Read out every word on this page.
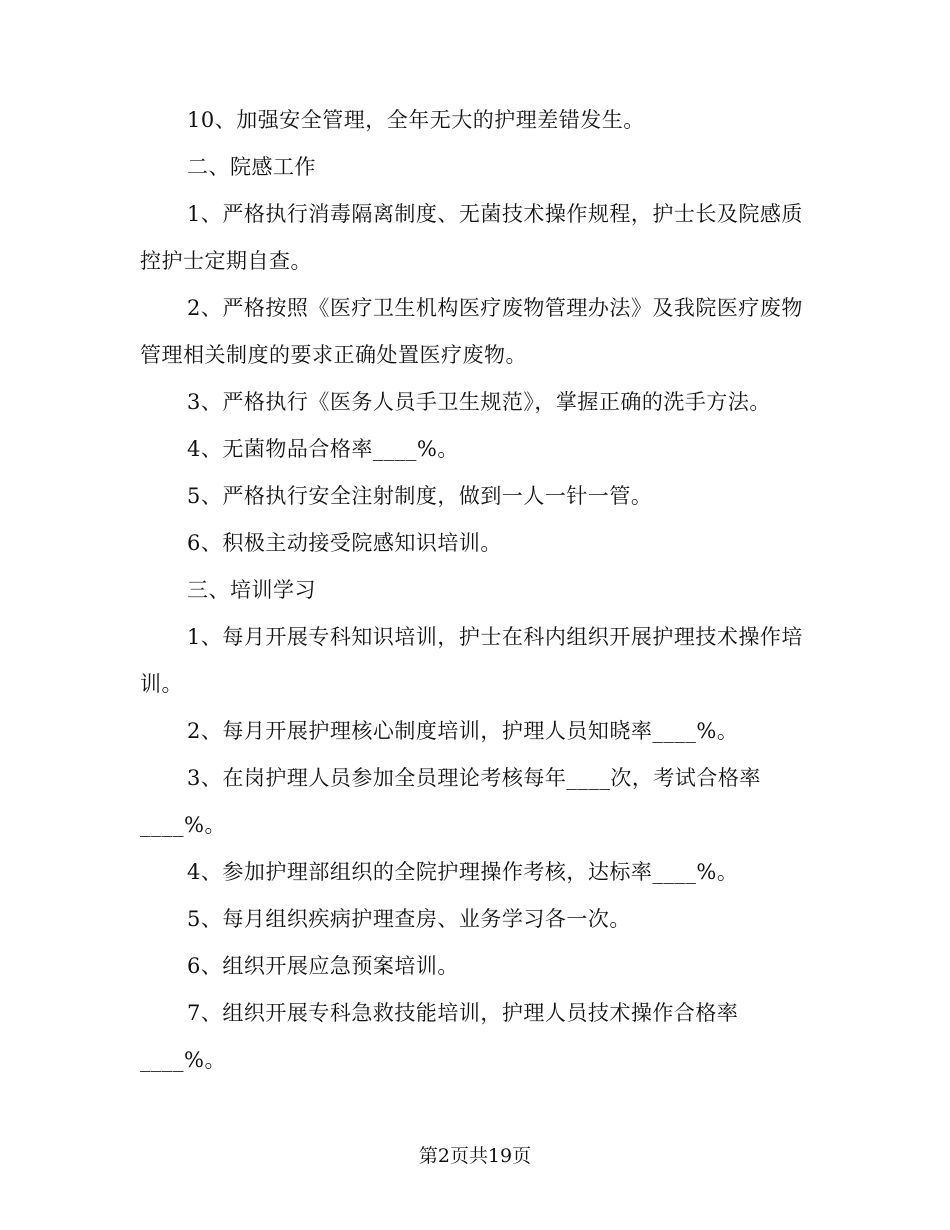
10、加强安全管理，全年无大的护理差错发生。
二、院感工作
1、严格执行消毒隔离制度、无菌技术操作规程，护士长及院感质
控护士定期自查。
2、严格按照《医疗卫生机构医疗废物管理办法》及我院医疗废物
管理相关制度的要求正确处置医疗废物。
3、严格执行《医务人员手卫生规范》，掌握正确的洗手方法。
4、无菌物品合格率____%。
5、严格执行安全注射制度，做到一人一针一管。
6、积极主动接受院感知识培训。
三、培训学习
1、每月开展专科知识培训，护士在科内组织开展护理技术操作培
训。
2、每月开展护理核心制度培训，护理人员知晓率____%。
3、在岗护理人员参加全员理论考核每年____次，考试合格率
____%。
4、参加护理部组织的全院护理操作考核，达标率____%。
5、每月组织疾病护理查房、业务学习各一次。
6、组织开展应急预案培训。
7、组织开展专科急救技能培训，护理人员技术操作合格率
____%。
第2页共19页
